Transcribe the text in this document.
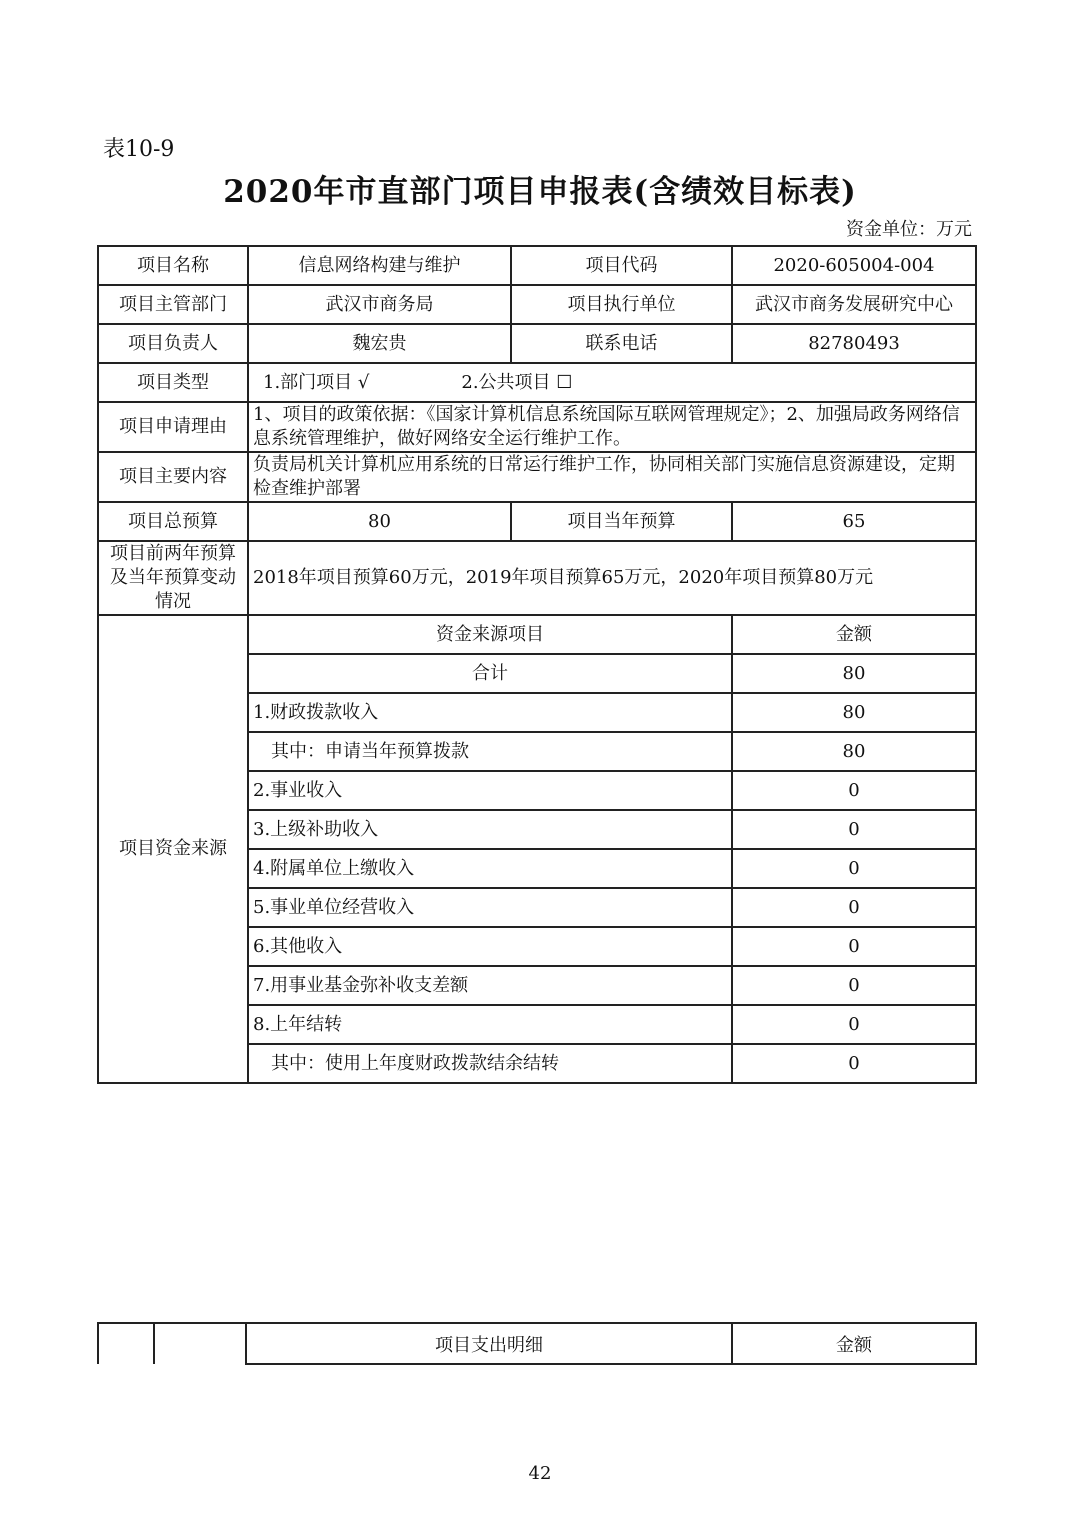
表10-9
2020年市直部门项目申报表(含绩效目标表)
资金单位：万元
项目名称	信息网络构建与维护	项目代码	2020-605004-004
项目主管部门	武汉市商务局	项目执行单位	武汉市商务发展研究中心
项目负责人	魏宏贵	联系电话	82780493
项目类型	1.部门项目 √ 2.公共项目 ☐		
项目申请理由	1、项目的政策依据：《国家计算机信息系统国际互联网管理规定》；2、加强局政务网络信息系统管理维护，做好网络安全运行维护工作。		
项目主要内容	负责局机关计算机应用系统的日常运行维护工作，协同相关部门实施信息资源建设，定期检查维护部署		
项目总预算	80	项目当年预算	65
项目前两年预算及当年预算变动情况	2018年项目预算60万元，2019年项目预算65万元，2020年项目预算80万元		
项目资金来源	资金来源项目		金额
	合计		80
	1.财政拨款收入		80
	其中：申请当年预算拨款		80
	2.事业收入		0
	3.上级补助收入		0
	4.附属单位上缴收入		0
	5.事业单位经营收入		0
	6.其他收入		0
	7.用事业基金弥补收支差额		0
	8.上年结转		0
	其中：使用上年度财政拨款结余结转		0
项目支出明细	金额
42
